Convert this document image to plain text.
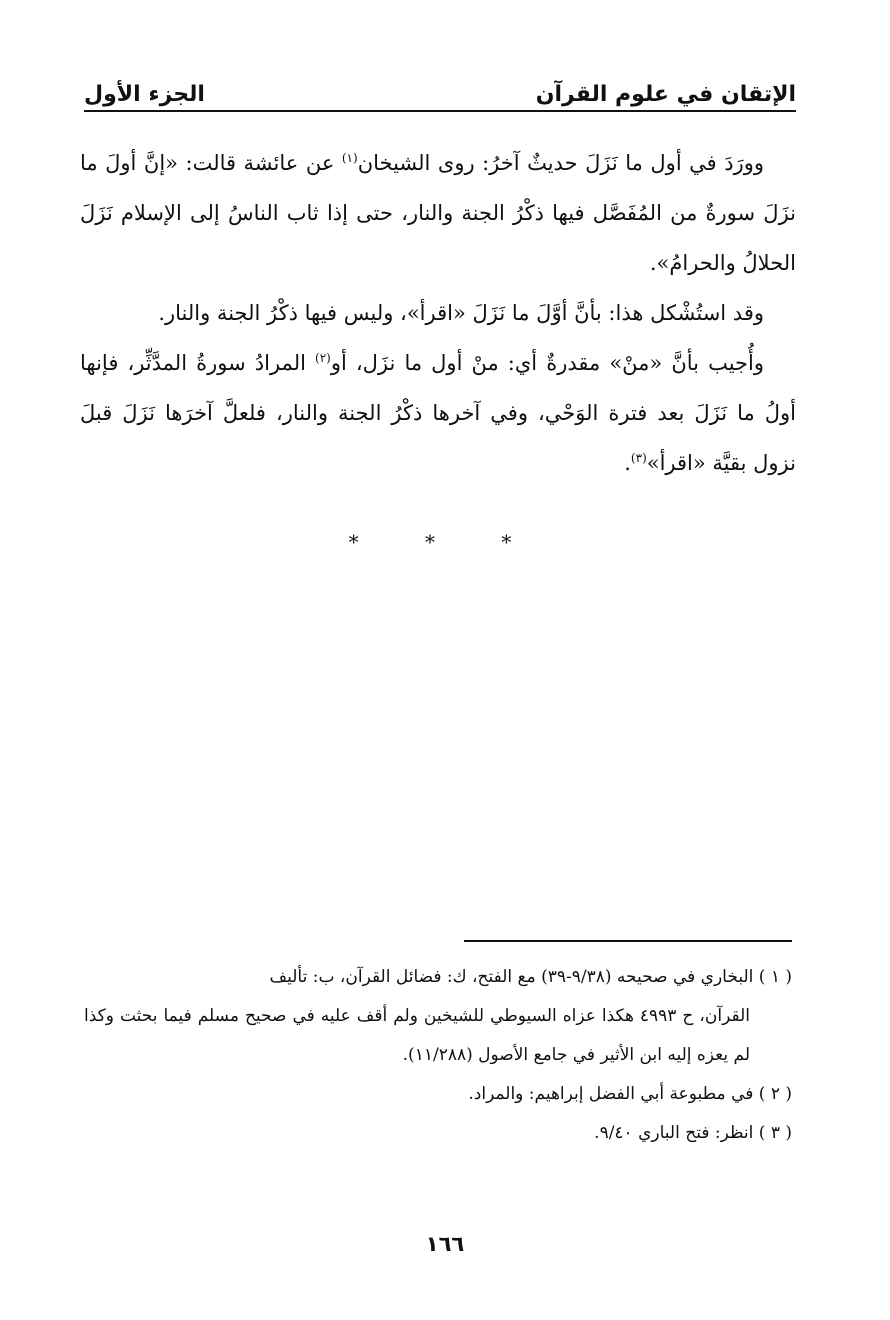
الإتقان في علوم القرآن
الجزء الأول

وورَدَ في أول ما نَزَلَ حديثٌ آخرُ: روى الشيخان$^{(١)}$ عن عائشة قالت: «إنَّ أولَ ما نزَلَ سورةٌ من المُفَصَّل فيها ذكْرُ الجنة والنار، حتى إذا ثاب الناسُ إلى الإسلام نَزَلَ الحلالُ والحرامُ».

وقد استُشْكل هذا: بأنَّ أوَّلَ ما نَزَلَ «اقرأ»، وليس فيها ذكْرُ الجنة والنار.

وأُجيب بأنَّ «منْ» مقدرةٌ أي: منْ أول ما نزَل، أو$^{(٢)}$ المرادُ سورةُ المدَّثِّر، فإنها أولُ ما نَزَلَ بعد فترة الوَحْي، وفي آخرها ذكْرُ الجنة والنار، فلعلَّ آخرَها نَزَلَ قبلَ نزول بقيَّة «اقرأ»$^{(٣)}$.

* * *

( ١ ) البخاري في صحيحه (٩/٣٨-٣٩) مع الفتح، ك: فضائل القرآن، ب: تأليف

القرآن، ح ٤٩٩٣ هكذا عزاه السيوطي للشيخين ولم أقف عليه في صحيح مسلم فيما بحثت وكذا لم يعزه إليه ابن الأثير في جامع الأصول (١١/٢٨٨).

( ٢ ) في مطبوعة أبي الفضل إبراهيم: والمراد.

( ٣ ) انظر: فتح الباري ٩/٤٠.

١٦٦
